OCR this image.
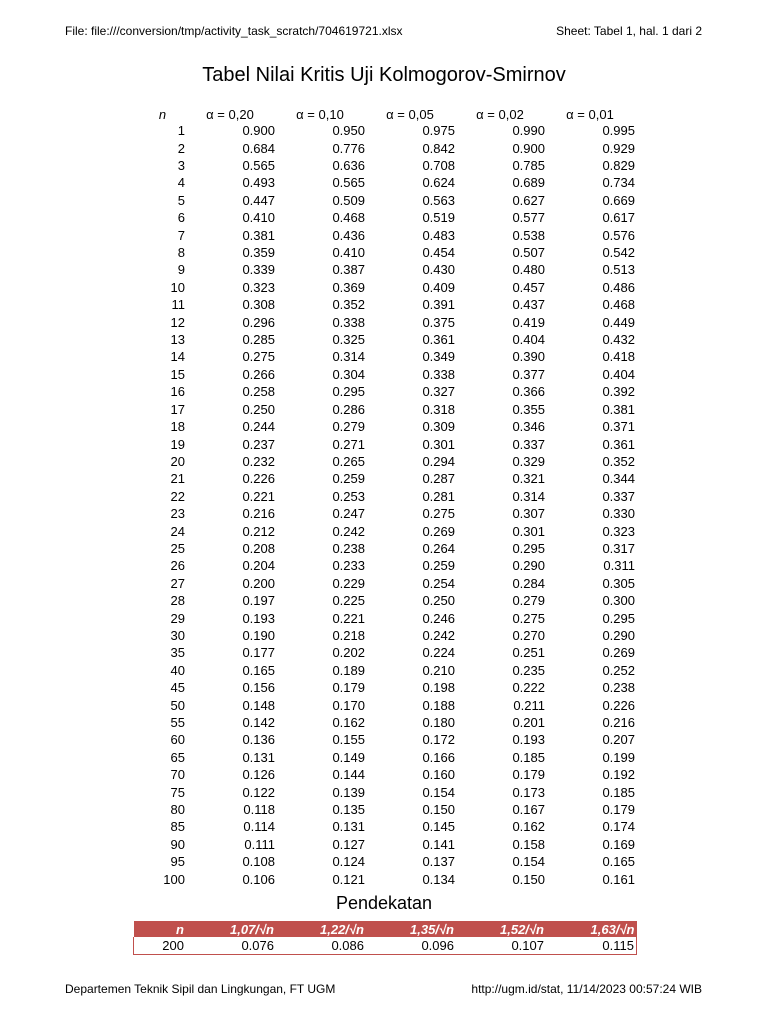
File: file:///conversion/tmp/activity_task_scratch/704619721.xlsx	Sheet: Tabel 1, hal. 1 dari 2
Tabel Nilai Kritis Uji Kolmogorov-Smirnov
n	α = 0,20	α = 0,10	α = 0,05	α = 0,02	α = 0,01
1	0.900	0.950	0.975	0.990	0.995
2	0.684	0.776	0.842	0.900	0.929
3	0.565	0.636	0.708	0.785	0.829
4	0.493	0.565	0.624	0.689	0.734
5	0.447	0.509	0.563	0.627	0.669
6	0.410	0.468	0.519	0.577	0.617
7	0.381	0.436	0.483	0.538	0.576
8	0.359	0.410	0.454	0.507	0.542
9	0.339	0.387	0.430	0.480	0.513
10	0.323	0.369	0.409	0.457	0.486
11	0.308	0.352	0.391	0.437	0.468
12	0.296	0.338	0.375	0.419	0.449
13	0.285	0.325	0.361	0.404	0.432
14	0.275	0.314	0.349	0.390	0.418
15	0.266	0.304	0.338	0.377	0.404
16	0.258	0.295	0.327	0.366	0.392
17	0.250	0.286	0.318	0.355	0.381
18	0.244	0.279	0.309	0.346	0.371
19	0.237	0.271	0.301	0.337	0.361
20	0.232	0.265	0.294	0.329	0.352
21	0.226	0.259	0.287	0.321	0.344
22	0.221	0.253	0.281	0.314	0.337
23	0.216	0.247	0.275	0.307	0.330
24	0.212	0.242	0.269	0.301	0.323
25	0.208	0.238	0.264	0.295	0.317
26	0.204	0.233	0.259	0.290	0.311
27	0.200	0.229	0.254	0.284	0.305
28	0.197	0.225	0.250	0.279	0.300
29	0.193	0.221	0.246	0.275	0.295
30	0.190	0.218	0.242	0.270	0.290
35	0.177	0.202	0.224	0.251	0.269
40	0.165	0.189	0.210	0.235	0.252
45	0.156	0.179	0.198	0.222	0.238
50	0.148	0.170	0.188	0.211	0.226
55	0.142	0.162	0.180	0.201	0.216
60	0.136	0.155	0.172	0.193	0.207
65	0.131	0.149	0.166	0.185	0.199
70	0.126	0.144	0.160	0.179	0.192
75	0.122	0.139	0.154	0.173	0.185
80	0.118	0.135	0.150	0.167	0.179
85	0.114	0.131	0.145	0.162	0.174
90	0.111	0.127	0.141	0.158	0.169
95	0.108	0.124	0.137	0.154	0.165
100	0.106	0.121	0.134	0.150	0.161
Pendekatan
n	1,07/√n	1,22/√n	1,35/√n	1,52/√n	1,63/√n
200	0.076	0.086	0.096	0.107	0.115
Departemen Teknik Sipil dan Lingkungan, FT UGM	http://ugm.id/stat, 11/14/2023 00:57:24 WIB
